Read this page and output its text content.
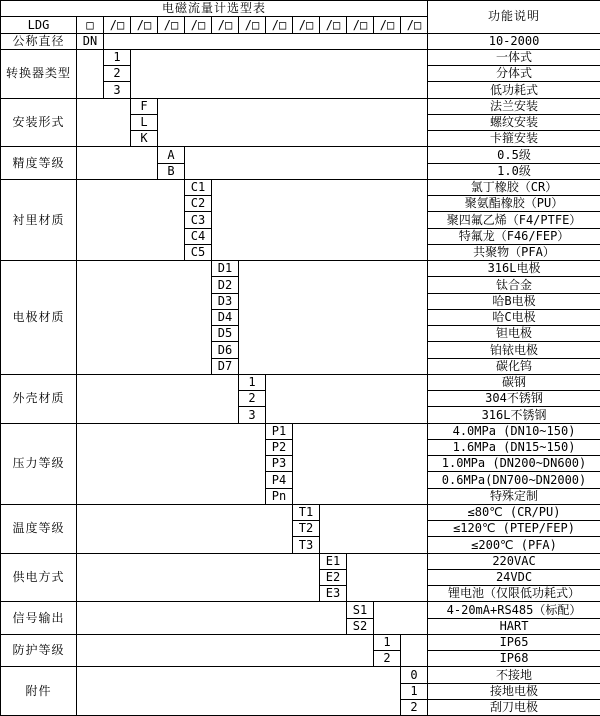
电磁流量计选型表														功能说明
LDG	□	/□	/□	/□	/□	/□	/□	/□	/□	/□	/□	/□	/□	
公称直径	DN													10-2000
转换器类型		1												一体式
		2												分体式
		3												低功耗式
安装形式			F											法兰安装
			L											螺纹安装
			K											卡箍安装
精度等级				A										0.5级
				B										1.0级
衬里材质					C1									氯丁橡胶（CR）
					C2									聚氨酯橡胶（PU）
					C3									聚四氟乙烯（F4/PTFE）
					C4									特氟龙（F46/FEP）
					C5									共聚物（PFA）
电极材质						D1								316L电极
						D2								钛合金
						D3								哈B电极
						D4								哈C电极
						D5								钽电极
						D6								铂铱电极
						D7								碳化钨
外壳材质							1							碳钢
							2							304不锈钢
							3							316L不锈钢
压力等级								P1						4.0MPa (DN10~150)
								P2						1.6MPa (DN15~150)
								P3						1.0MPa (DN200~DN600)
								P4						0.6MPa(DN700~DN2000)
								Pn						特殊定制
温度等级									T1					≤80℃ (CR/PU)
									T2					≤120℃ (PTEP/FEP)
									T3					≤200℃ (PFA)
供电方式										E1				220VAC
										E2				24VDC
										E3				锂电池（仅限低功耗式）
信号输出											S1			4-20mA+RS485（标配）
											S2			HART
防护等级												1		IP65
												2		IP68
附件													0	不接地
													1	接地电极
													2	刮刀电极
